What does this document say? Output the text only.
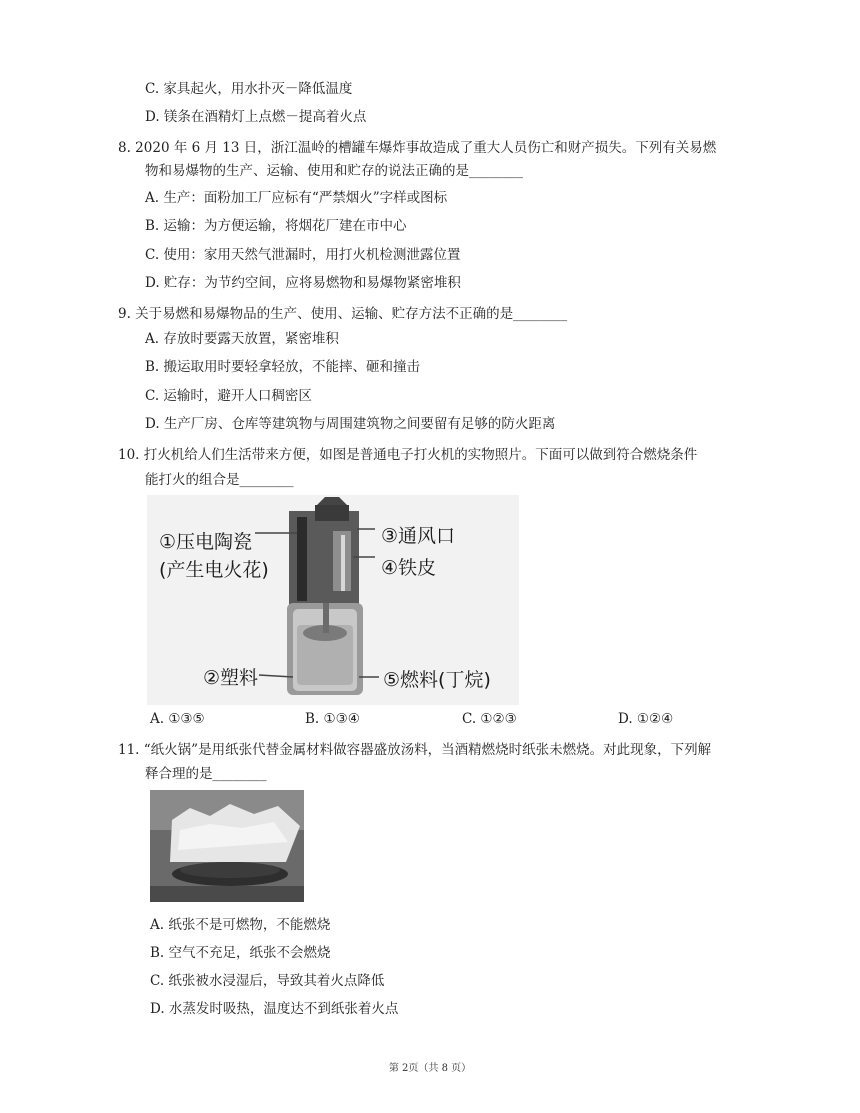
C. 家具起火，用水扑灭－降低温度
D. 镁条在酒精灯上点燃－提高着火点
8. 2020 年 6 月 13 日，浙江温岭的槽罐车爆炸事故造成了重大人员伤亡和财产损失。下列有关易燃
物和易爆物的生产、运输、使用和贮存的说法正确的是________
A. 生产：面粉加工厂应标有“严禁烟火”字样或图标
B. 运输：为方便运输，将烟花厂建在市中心
C. 使用：家用天然气泄漏时，用打火机检测泄露位置
D. 贮存：为节约空间，应将易燃物和易爆物紧密堆积
9. 关于易燃和易爆物品的生产、使用、运输、贮存方法不正确的是________
A. 存放时要露天放置，紧密堆积
B. 搬运取用时要轻拿轻放，不能摔、砸和撞击
C. 运输时，避开人口稠密区
D. 生产厂房、仓库等建筑物与周围建筑物之间要留有足够的防火距离
10. 打火机给人们生活带来方便，如图是普通电子打火机的实物照片。下面可以做到符合燃烧条件
能打火的组合是________
①压电陶瓷
(产生电火花)
②塑料
③通风口
④铁皮
⑤燃料(丁烷)
A. ①③⑤	B. ①③④	C. ①②③	D. ①②④
11. “纸火锅”是用纸张代替金属材料做容器盛放汤料，当酒精燃烧时纸张未燃烧。对此现象，下列解
释合理的是________
A. 纸张不是可燃物，不能燃烧
B. 空气不充足，纸张不会燃烧
C. 纸张被水浸湿后，导致其着火点降低
D. 水蒸发时吸热，温度达不到纸张着火点
第 2页（共 8 页）
